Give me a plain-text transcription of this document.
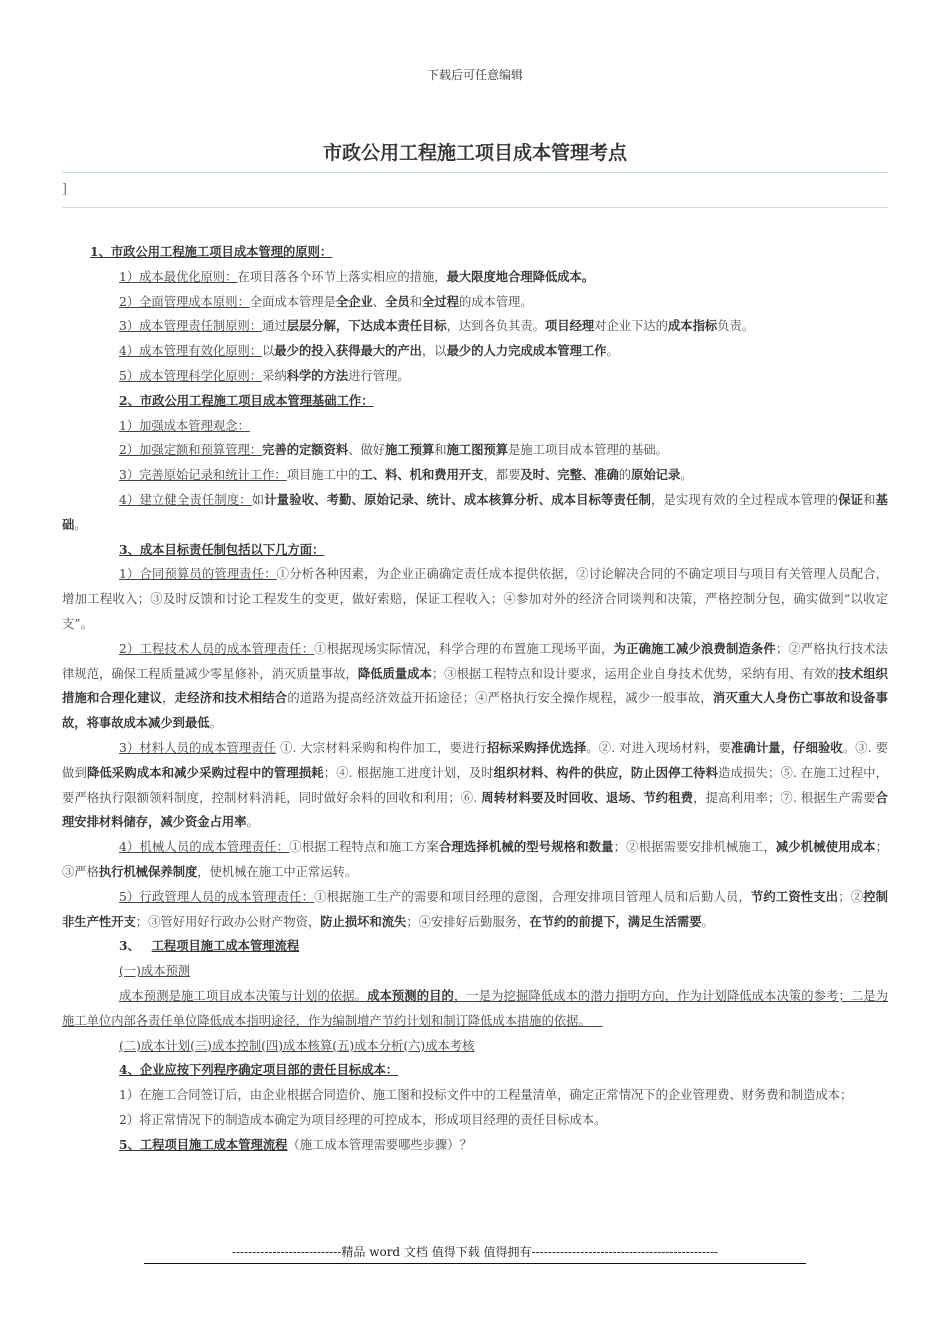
下载后可任意编辑
市政公用工程施工项目成本管理考点
]

1、市政公用工程施工项目成本管理的原则：

1）成本最优化原则：在项目落各个环节上落实相应的措施，最大限度地合理降低成本。

2）全面管理成本原则：全面成本管理是全企业、全员和全过程的成本管理。

3）成本管理责任制原则：通过层层分解，下达成本责任目标，达到各负其责。项目经理对企业下达的成本指标负责。

4）成本管理有效化原则：以最少的投入获得最大的产出，以最少的人力完成成本管理工作。

5）成本管理科学化原则：采纳科学的方法进行管理。

2、市政公用工程施工项目成本管理基础工作：

1）加强成本管理观念：

2）加强定额和预算管理：完善的定额资料、做好施工预算和施工图预算是施工项目成本管理的基础。

3）完善原始记录和统计工作：项目施工中的工、料、机和费用开支，都要及时、完整、准确的原始记录。

4）建立健全责任制度：如计量验收、考勤、原始记录、统计、成本核算分析、成本目标等责任制，是实现有效的全过程成本管理的保证和基础。

3、成本目标责任制包括以下几方面：

1）合同预算员的管理责任：①分析各种因素，为企业正确确定责任成本提供依据，②讨论解决合同的不确定项目与项目有关管理人员配合，增加工程收入；③及时反馈和讨论工程发生的变更，做好索赔，保证工程收入；④参加对外的经济合同谈判和决策，严格控制分包，确实做到“以收定支”。

2）工程技术人员的成本管理责任：①根据现场实际情况，科学合理的布置施工现场平面，为正确施工减少浪费制造条件；②严格执行技术法律规范，确保工程质量减少零星修补，消灭质量事故，降低质量成本；③根据工程特点和设计要求，运用企业自身技术优势，采纳有用、有效的技术组织措施和合理化建议，走经济和技术相结合的道路为提高经济效益开拓途径；④严格执行安全操作规程，减少一般事故，消灭重大人身伤亡事故和设备事故，将事故成本减少到最低。

3）材料人员的成本管理责任 ①. 大宗材料采购和构件加工，要进行招标采购择优选择。②. 对进入现场材料，要准确计量，仔细验收。③. 要做到降低采购成本和减少采购过程中的管理损耗；④. 根据施工进度计划，及时组织材料、构件的供应，防止因停工待料造成损失；⑤. 在施工过程中，要严格执行限额领料制度，控制材料消耗，同时做好余料的回收和利用；⑥. 周转材料要及时回收、退场、节约租费，提高利用率；⑦. 根据生产需要合理安排材料储存，减少资金占用率。

4）机械人员的成本管理责任：①根据工程特点和施工方案合理选择机械的型号规格和数量；②根据需要安排机械施工，减少机械使用成本；③严格执行机械保养制度，使机械在施工中正常运转。

5）行政管理人员的成本管理责任：①根据施工生产的需要和项目经理的意图，合理安排项目管理人员和后勤人员，节约工资性支出；②控制非生产性开支；③管好用好行政办公财产物资，防止损坏和流失；④安排好后勤服务，在节约的前提下，满足生活需要。

3、 工程项目施工成本管理流程

(一)成本预测

成本预测是施工项目成本决策与计划的依据。成本预测的目的，一是为挖掘降低成本的潜力指明方向，作为计划降低成本决策的参考；二是为施工单位内部各责任单位降低成本指明途径，作为编制增产节约计划和制订降低成本措施的依据。

(二)成本计划(三)成本控制(四)成本核算(五)成本分析(六)成本考核

4、企业应按下列程序确定项目部的责任目标成本：

1）在施工合同签订后，由企业根据合同造价、施工图和投标文件中的工程量清单，确定正常情况下的企业管理费、财务费和制造成本；

2）将正常情况下的制造成本确定为项目经理的可控成本，形成项目经理的责任目标成本。

5、工程项目施工成本管理流程（施工成本管理需要哪些步骤）？

---------------------------精品 word 文档 值得下载 值得拥有----------------------------------------------
